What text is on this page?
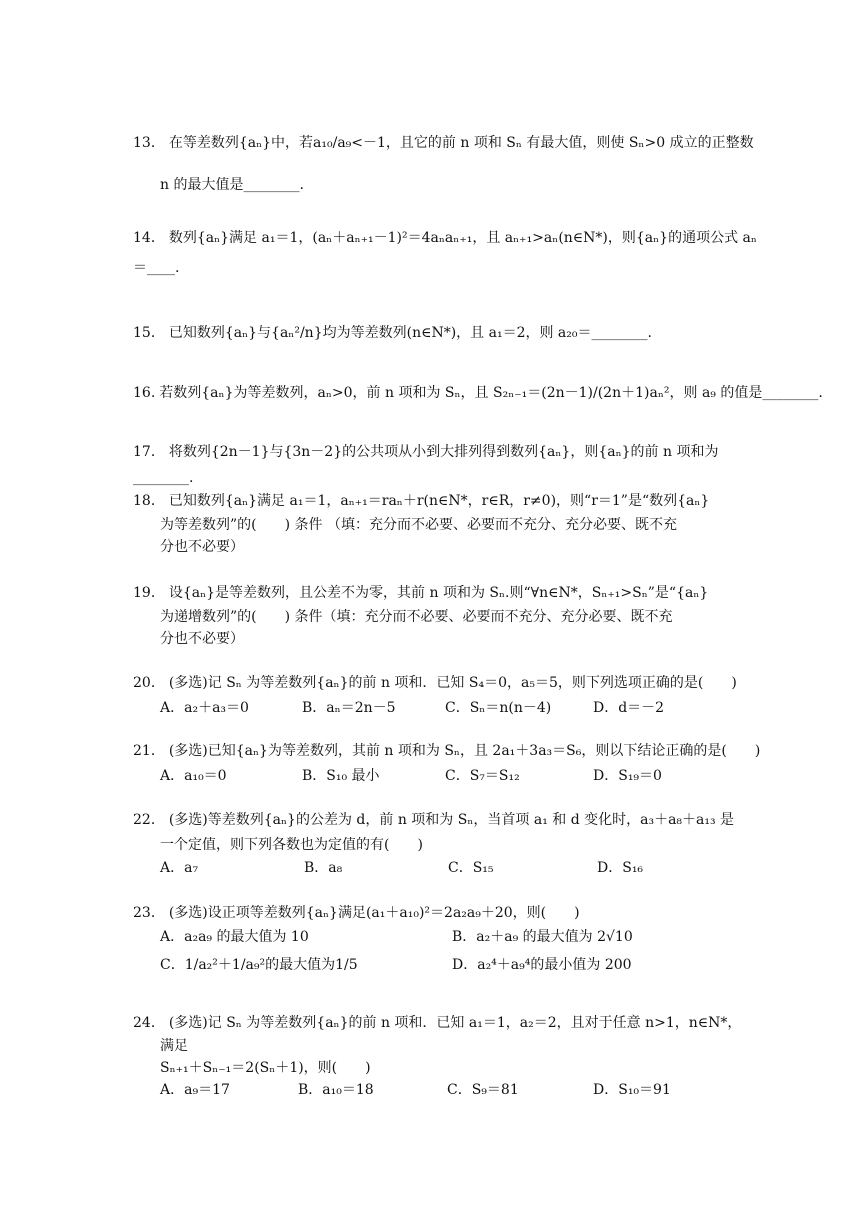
13． 在等差数列{aₙ}中，若a₁₀/a₉<－1，且它的前 n 项和 Sₙ 有最大值，则使 Sₙ>0 成立的正整数
n 的最大值是________.
14． 数列{aₙ}满足 a₁＝1，(aₙ＋aₙ₊₁－1)²＝4aₙaₙ₊₁，且 aₙ₊₁>aₙ(n∈N*)，则{aₙ}的通项公式 aₙ
＝____.
15． 已知数列{aₙ}与{aₙ²/n}均为等差数列(n∈N*)，且 a₁＝2，则 a₂₀＝________.
16. 若数列{aₙ}为等差数列，aₙ>0，前 n 项和为 Sₙ，且 S₂ₙ₋₁＝(2n－1)/(2n＋1)aₙ²，则 a₉ 的值是________.
17． 将数列{2n－1}与{3n－2}的公共项从小到大排列得到数列{aₙ}，则{aₙ}的前 n 项和为
________.
18． 已知数列{aₙ}满足 a₁＝1，aₙ₊₁＝raₙ＋r(n∈N*，r∈R，r≠0)，则“r＝1”是“数列{aₙ}
为等差数列”的(　　) 条件 （填：充分而不必要、必要而不充分、充分必要、既不充
分也不必要）
19． 设{aₙ}是等差数列，且公差不为零，其前 n 项和为 Sₙ.则“∀n∈N*，Sₙ₊₁>Sₙ”是“{aₙ}
为递增数列”的(　　) 条件（填：充分而不必要、必要而不充分、充分必要、既不充
分也不必要）
20． (多选)记 Sₙ 为等差数列{aₙ}的前 n 项和．已知 S₄＝0，a₅＝5，则下列选项正确的是(　　)
A．a₂＋a₃＝0	B．aₙ＝2n－5	C．Sₙ＝n(n－4)	D．d＝－2
21． (多选)已知{aₙ}为等差数列，其前 n 项和为 Sₙ，且 2a₁＋3a₃＝S₆，则以下结论正确的是(　　)
A．a₁₀＝0	B．S₁₀ 最小	C．S₇＝S₁₂	D．S₁₉＝0
22． (多选)等差数列{aₙ}的公差为 d，前 n 项和为 Sₙ，当首项 a₁ 和 d 变化时，a₃＋a₈＋a₁₃ 是
一个定值，则下列各数也为定值的有(　　)
A．a₇	B．a₈	C．S₁₅	D．S₁₆
23． (多选)设正项等差数列{aₙ}满足(a₁＋a₁₀)²＝2a₂a₉＋20，则(　　)
A．a₂a₉ 的最大值为 10	B．a₂＋a₉ 的最大值为 2√10
C．1/a₂²＋1/a₉²的最大值为1/5	D．a₂⁴＋a₉⁴的最小值为 200
24． (多选)记 Sₙ 为等差数列{aₙ}的前 n 项和．已知 a₁＝1，a₂＝2，且对于任意 n>1，n∈N*，
满足
Sₙ₊₁＋Sₙ₋₁＝2(Sₙ＋1)，则(　　)
A．a₉＝17	B．a₁₀＝18	C．S₉＝81	D．S₁₀＝91
